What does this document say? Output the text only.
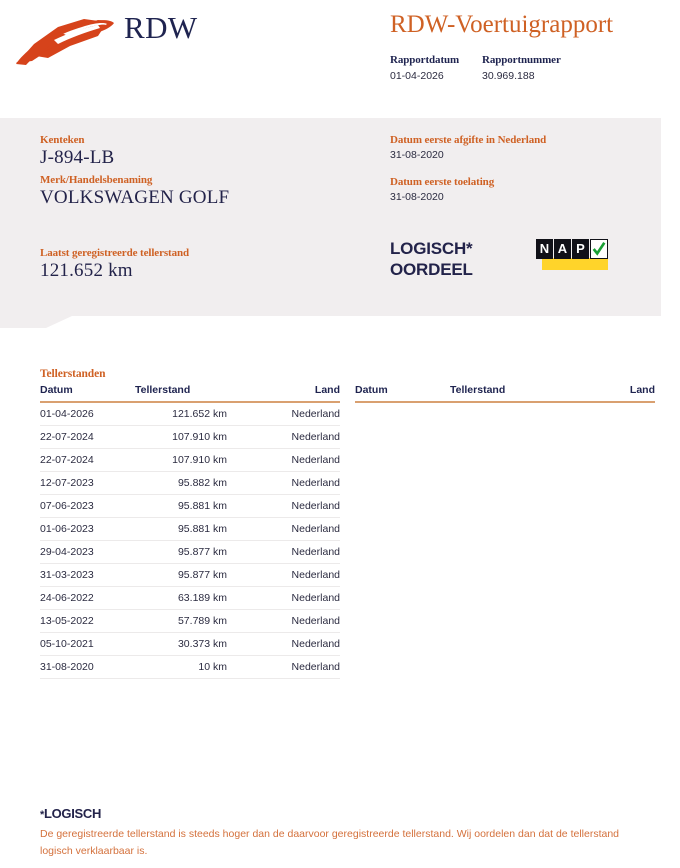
RDW	RDW-Voertuigrapport
Rapportdatum
01-04-2026
Rapportnummer
30.969.188
Kenteken
J-894-LB
Merk/Handelsbenaming
VOLKSWAGEN GOLF
Laatst geregistreerde tellerstand
121.652 km
Datum eerste afgifte in Nederland
31-08-2020
Datum eerste toelating
31-08-2020
LOGISCH*
OORDEEL
N A P
Tellerstanden
Datum	Tellerstand	Land
01-04-2026	121.652 km	Nederland
22-07-2024	107.910 km	Nederland
22-07-2024	107.910 km	Nederland
12-07-2023	95.882 km	Nederland
07-06-2023	95.881 km	Nederland
01-06-2023	95.881 km	Nederland
29-04-2023	95.877 km	Nederland
31-03-2023	95.877 km	Nederland
24-06-2022	63.189 km	Nederland
13-05-2022	57.789 km	Nederland
05-10-2021	30.373 km	Nederland
31-08-2020	10 km	Nederland
Datum	Tellerstand	Land
*LOGISCH
De geregistreerde tellerstand is steeds hoger dan de daarvoor geregistreerde tellerstand. Wij oordelen dan dat de tellerstand logisch verklaarbaar is.
